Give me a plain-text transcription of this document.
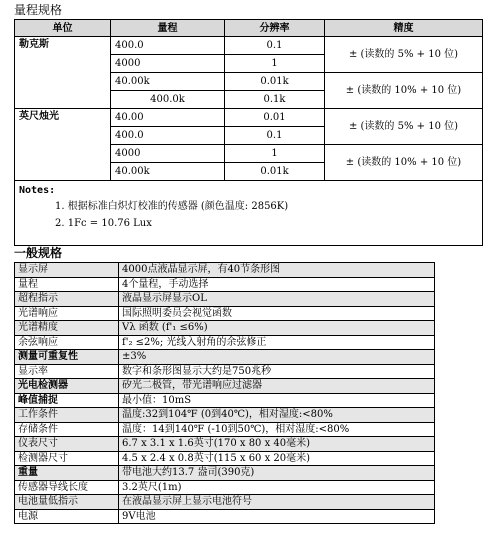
量程规格
单位	量程	分辨率	精度
勒克斯	400.0	0.1	± (读数的 5% + 10 位)
	4000	1	
	40.00k	0.01k	± (读数的 10% + 10 位)
	400.0k	0.1k	
英尺烛光	40.00	0.01	± (读数的 5% + 10 位)
	400.0	0.1	
	4000	1	± (读数的 10% + 10 位)
	40.00k	0.01k	

Notes:
1. 根据标准白炽灯校准的传感器 (颜色温度: 2856K)
2. 1Fc = 10.76 Lux			
一般规格
显示屏	4000点液晶显示屏，有40节条形图
量程	4个量程，手动选择
超程指示	液晶显示屏显示OL
光谱响应	国际照明委员会视觉函数
光谱精度	Vλ 函数 (f'₁ ≤6%)
余弦响应	f'₂ ≤2%; 光线入射角的余弦修正
测量可重复性	±3%
显示率	数字和条形图显示大约是750兆秒
光电检测器	矽光二极管，带光谱响应过滤器
峰值捕捉	最小值：10mS
工作条件	温度:32到104℉ (0到40℃)，相对湿度:<80%
存储条件	温度：14到140℉ (-10到50℃)，相对湿度:<80%
仪表尺寸	6.7 x 3.1 x 1.6英寸(170 x 80 x 40毫米)
检测器尺寸	4.5 x 2.4 x 0.8英寸(115 x 60 x 20毫米)
重量	带电池大约13.7 盎司(390克)
传感器导线长度	3.2英尺(1m)
电池量低指示	在液晶显示屏上显示电池符号
电源	9V电池
